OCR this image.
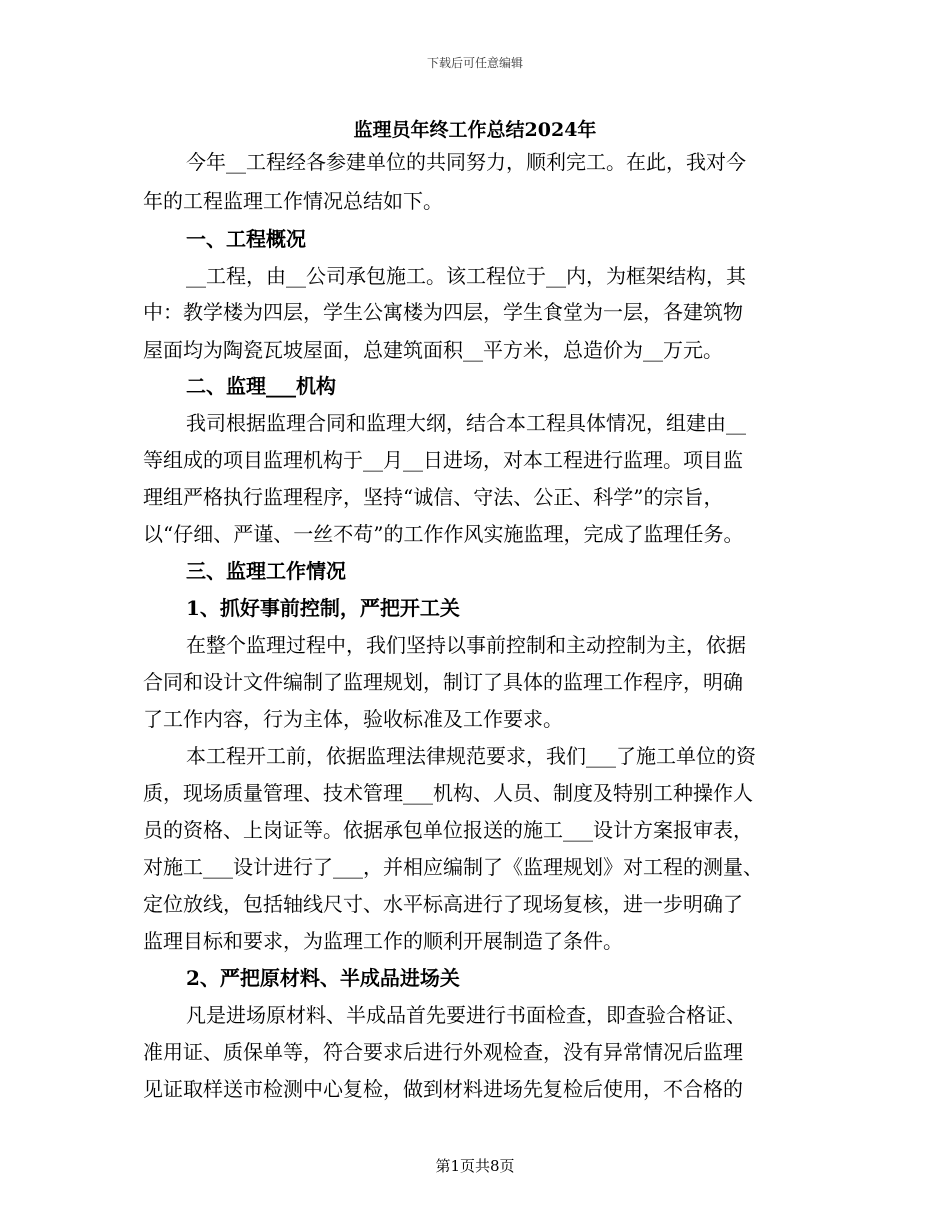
下载后可任意编辑
监理员年终工作总结2024年
今年__工程经各参建单位的共同努力，顺利完工。在此，我对今
年的工程监理工作情况总结如下。
一、工程概况
__工程，由__公司承包施工。该工程位于__内，为框架结构，其
中：教学楼为四层，学生公寓楼为四层，学生食堂为一层，各建筑物
屋面均为陶瓷瓦坡屋面，总建筑面积__平方米，总造价为__万元。
二、监理___机构
我司根据监理合同和监理大纲，结合本工程具体情况，组建由__
等组成的项目监理机构于__月__日进场，对本工程进行监理。项目监
理组严格执行监理程序，坚持“诚信、守法、公正、科学”的宗旨，
以“仔细、严谨、一丝不苟”的工作作风实施监理，完成了监理任务。
三、监理工作情况
1、抓好事前控制，严把开工关
在整个监理过程中，我们坚持以事前控制和主动控制为主，依据
合同和设计文件编制了监理规划，制订了具体的监理工作程序，明确
了工作内容，行为主体，验收标准及工作要求。
本工程开工前，依据监理法律规范要求，我们___了施工单位的资
质，现场质量管理、技术管理___机构、人员、制度及特别工种操作人
员的资格、上岗证等。依据承包单位报送的施工___设计方案报审表，
对施工___设计进行了___，并相应编制了《监理规划》对工程的测量、
定位放线，包括轴线尺寸、水平标高进行了现场复核，进一步明确了
监理目标和要求，为监理工作的顺利开展制造了条件。
2、严把原材料、半成品进场关
凡是进场原材料、半成品首先要进行书面检查，即查验合格证、
准用证、质保单等，符合要求后进行外观检查，没有异常情况后监理
见证取样送市检测中心复检，做到材料进场先复检后使用，不合格的
第1页共8页
